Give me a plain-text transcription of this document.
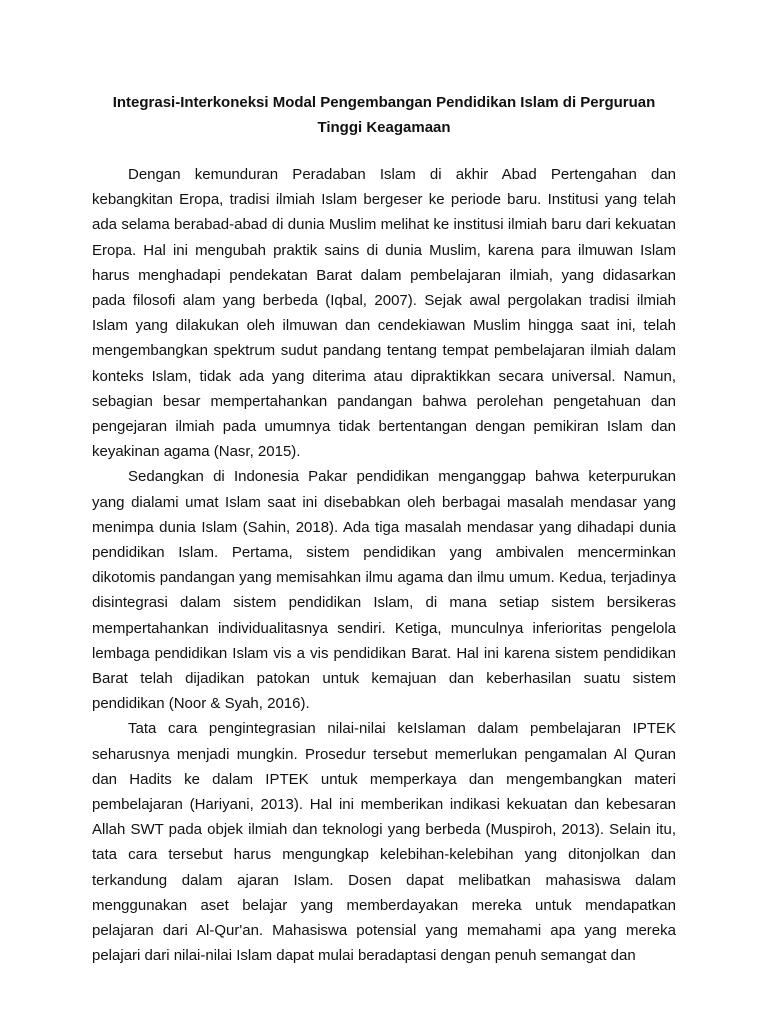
Integrasi-Interkoneksi Modal Pengembangan Pendidikan Islam di Perguruan Tinggi Keagamaan

Dengan kemunduran Peradaban Islam di akhir Abad Pertengahan dan kebangkitan Eropa, tradisi ilmiah Islam bergeser ke periode baru. Institusi yang telah ada selama berabad-abad di dunia Muslim melihat ke institusi ilmiah baru dari kekuatan Eropa. Hal ini mengubah praktik sains di dunia Muslim, karena para ilmuwan Islam harus menghadapi pendekatan Barat dalam pembelajaran ilmiah, yang didasarkan pada filosofi alam yang berbeda (Iqbal, 2007). Sejak awal pergolakan tradisi ilmiah Islam yang dilakukan oleh ilmuwan dan cendekiawan Muslim hingga saat ini, telah mengembangkan spektrum sudut pandang tentang tempat pembelajaran ilmiah dalam konteks Islam, tidak ada yang diterima atau dipraktikkan secara universal. Namun, sebagian besar mempertahankan pandangan bahwa perolehan pengetahuan dan pengejaran ilmiah pada umumnya tidak bertentangan dengan pemikiran Islam dan keyakinan agama (Nasr, 2015).

Sedangkan di Indonesia Pakar pendidikan menganggap bahwa keterpurukan yang dialami umat Islam saat ini disebabkan oleh berbagai masalah mendasar yang menimpa dunia Islam (Sahin, 2018). Ada tiga masalah mendasar yang dihadapi dunia pendidikan Islam. Pertama, sistem pendidikan yang ambivalen mencerminkan dikotomis pandangan yang memisahkan ilmu agama dan ilmu umum. Kedua, terjadinya disintegrasi dalam sistem pendidikan Islam, di mana setiap sistem bersikeras mempertahankan individualitasnya sendiri. Ketiga, munculnya inferioritas pengelola lembaga pendidikan Islam vis a vis pendidikan Barat. Hal ini karena sistem pendidikan Barat telah dijadikan patokan untuk kemajuan dan keberhasilan suatu sistem pendidikan (Noor & Syah, 2016).

Tata cara pengintegrasian nilai-nilai keIslaman dalam pembelajaran IPTEK seharusnya menjadi mungkin. Prosedur tersebut memerlukan pengamalan Al Quran dan Hadits ke dalam IPTEK untuk memperkaya dan mengembangkan materi pembelajaran (Hariyani, 2013). Hal ini memberikan indikasi kekuatan dan kebesaran Allah SWT pada objek ilmiah dan teknologi yang berbeda (Muspiroh, 2013). Selain itu, tata cara tersebut harus mengungkap kelebihan-kelebihan yang ditonjolkan dan terkandung dalam ajaran Islam. Dosen dapat melibatkan mahasiswa dalam menggunakan aset belajar yang memberdayakan mereka untuk mendapatkan pelajaran dari Al-Qur'an. Mahasiswa potensial yang memahami apa yang mereka pelajari dari nilai-nilai Islam dapat mulai beradaptasi dengan penuh semangat dan
